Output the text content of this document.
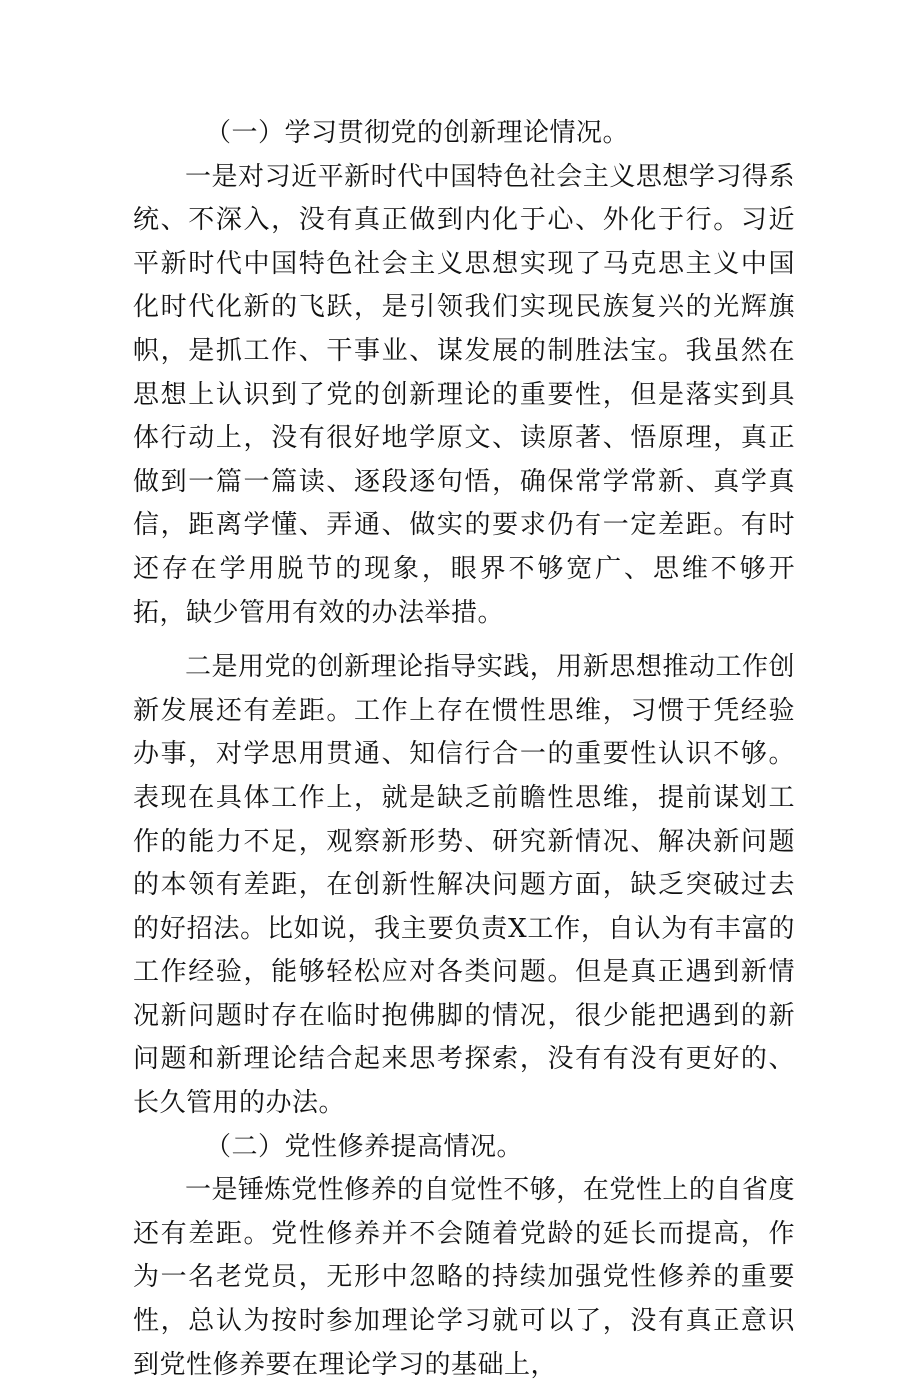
（一）学习贯彻党的创新理论情况。

一是对习近平新时代中国特色社会主义思想学习得系统、不深入，没有真正做到内化于心、外化于行。习近平新时代中国特色社会主义思想实现了马克思主义中国化时代化新的飞跃，是引领我们实现民族复兴的光辉旗帜，是抓工作、干事业、谋发展的制胜法宝。我虽然在思想上认识到了党的创新理论的重要性，但是落实到具体行动上，没有很好地学原文、读原著、悟原理，真正做到一篇一篇读、逐段逐句悟，确保常学常新、真学真信，距离学懂、弄通、做实的要求仍有一定差距。有时还存在学用脱节的现象，眼界不够宽广、思维不够开拓，缺少管用有效的办法举措。

二是用党的创新理论指导实践，用新思想推动工作创新发展还有差距。工作上存在惯性思维，习惯于凭经验办事，对学思用贯通、知信行合一的重要性认识不够。表现在具体工作上，就是缺乏前瞻性思维，提前谋划工作的能力不足，观察新形势、研究新情况、解决新问题的本领有差距，在创新性解决问题方面，缺乏突破过去的好招法。比如说，我主要负责X工作，自认为有丰富的工作经验，能够轻松应对各类问题。但是真正遇到新情况新问题时存在临时抱佛脚的情况，很少能把遇到的新问题和新理论结合起来思考探索，没有有没有更好的、长久管用的办法。

（二）党性修养提高情况。

一是锤炼党性修养的自觉性不够，在党性上的自省度还有差距。党性修养并不会随着党龄的延长而提高，作为一名老党员，无形中忽略的持续加强党性修养的重要性，总认为按时参加理论学习就可以了，没有真正意识到党性修养要在理论学习的基础上，
